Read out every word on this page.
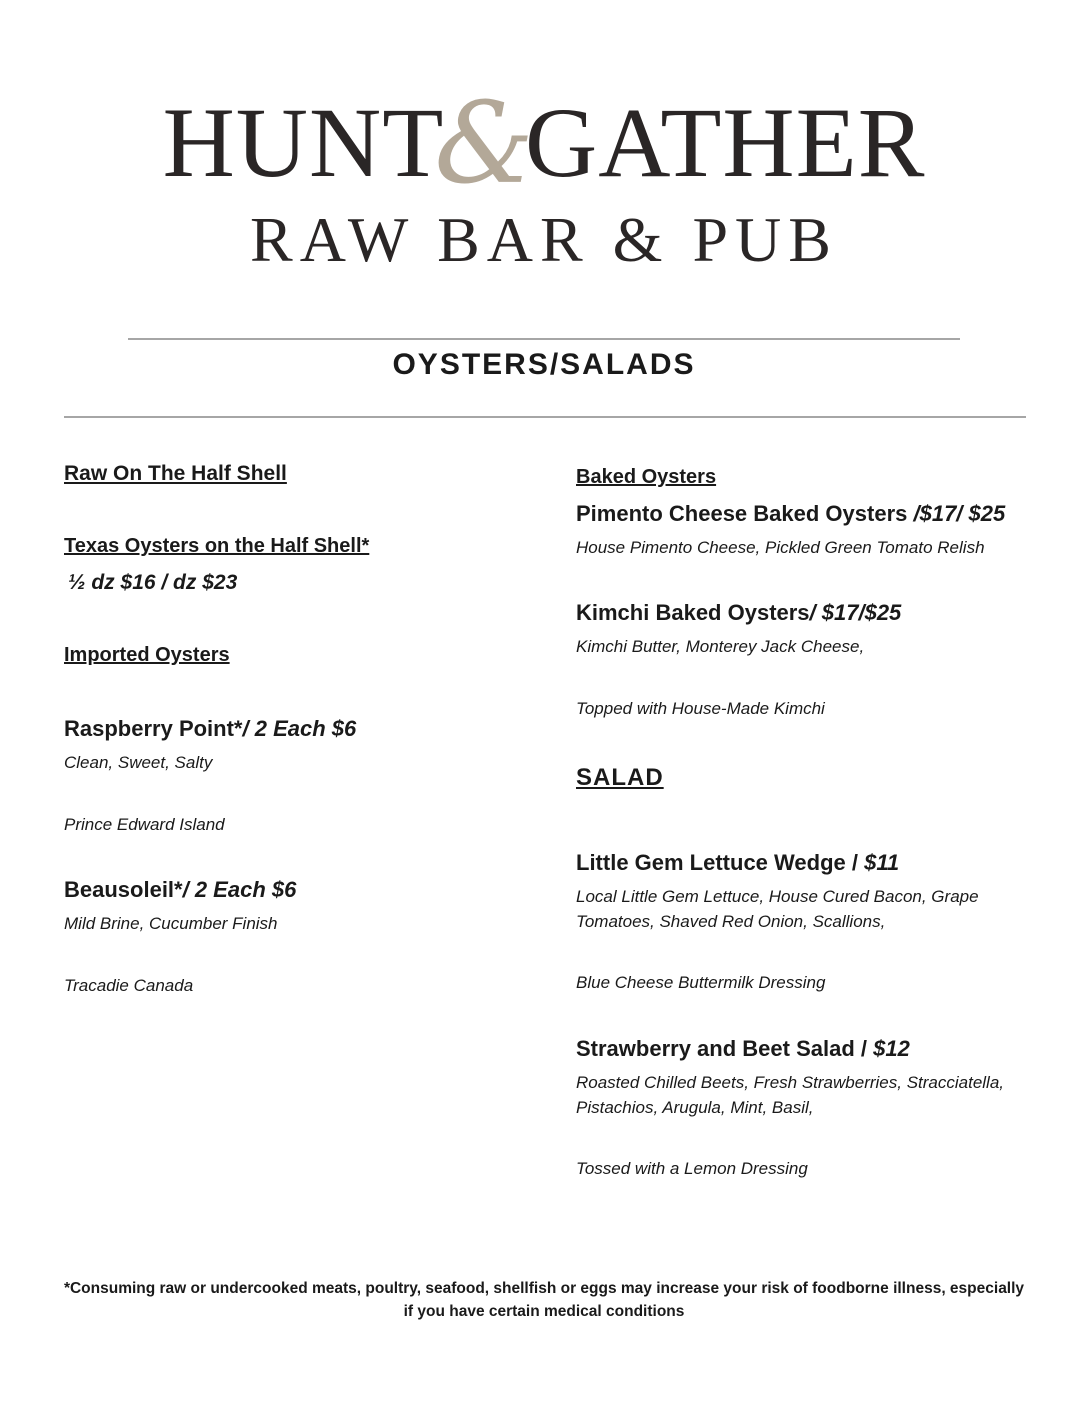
HUNT&GATHER
RAW BAR & PUB
OYSTERS/SALADS
Raw On The Half Shell
Texas Oysters on the Half Shell*
½ dz $16 / dz $23
Imported Oysters
Raspberry Point*/ 2 Each $6
Clean, Sweet, Salty
Prince Edward Island
Beausoleil*/ 2 Each $6
Mild Brine, Cucumber Finish
Tracadie Canada
Baked Oysters
Pimento Cheese Baked Oysters /$17/ $25
House Pimento Cheese, Pickled Green Tomato Relish
Kimchi Baked Oysters/ $17/$25
Kimchi Butter, Monterey Jack Cheese,
Topped with House-Made Kimchi
SALAD
Little Gem Lettuce Wedge / $11
Local Little Gem Lettuce, House Cured Bacon, Grape Tomatoes, Shaved Red Onion, Scallions,
Blue Cheese Buttermilk Dressing
Strawberry and Beet Salad / $12
Roasted Chilled Beets, Fresh Strawberries, Stracciatella, Pistachios, Arugula, Mint, Basil,
Tossed with a Lemon Dressing
*Consuming raw or undercooked meats, poultry, seafood, shellfish or eggs may increase your risk of foodborne illness, especially if you have certain medical conditions
